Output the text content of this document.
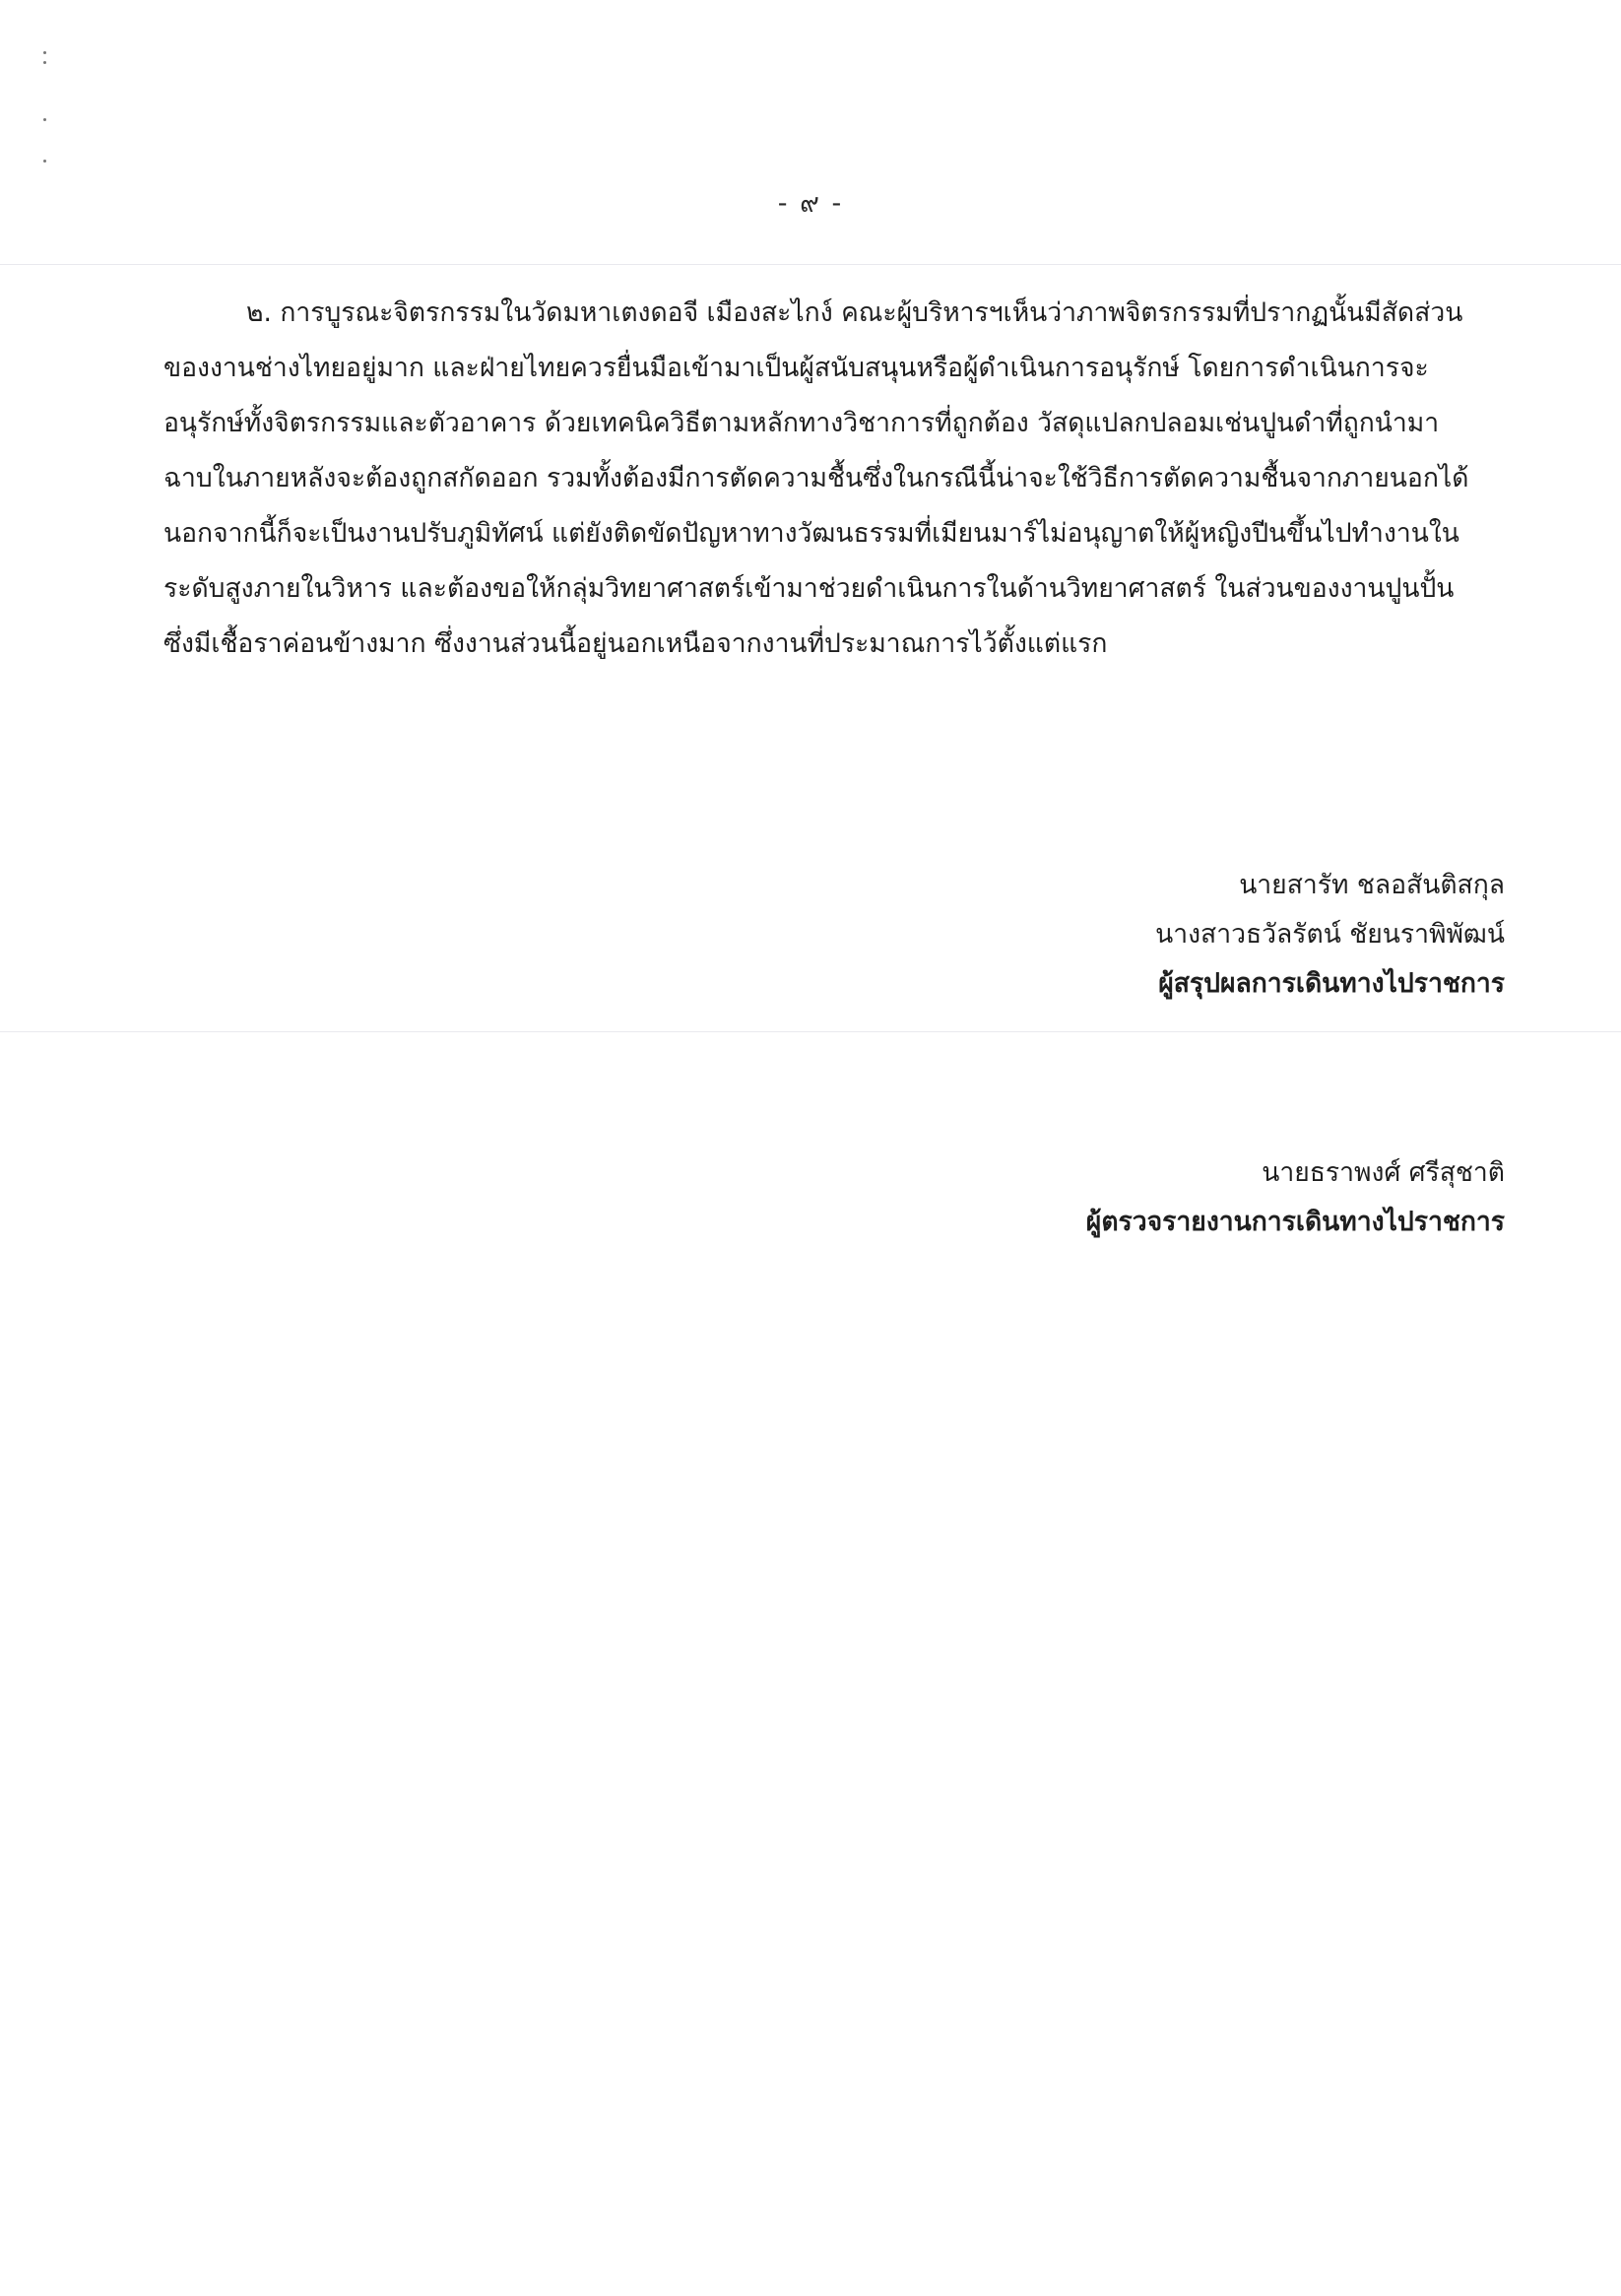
- ๙ -
๒. การบูรณะจิตรกรรมในวัดมหาเตงดอจี เมืองสะไกง์ คณะผู้บริหารฯเห็นว่าภาพจิตรกรรมที่ปรากฏนั้นมีสัดส่วน
ของงานช่างไทยอยู่มาก และฝ่ายไทยควรยื่นมือเข้ามาเป็นผู้สนับสนุนหรือผู้ดำเนินการอนุรักษ์ โดยการดำเนินการจะ
อนุรักษ์ทั้งจิตรกรรมและตัวอาคาร ด้วยเทคนิควิธีตามหลักทางวิชาการที่ถูกต้อง วัสดุแปลกปลอมเช่นปูนดำที่ถูกนำมา
ฉาบในภายหลังจะต้องถูกสกัดออก รวมทั้งต้องมีการตัดความชื้นซึ่งในกรณีนี้น่าจะใช้วิธีการตัดความชื้นจากภายนอกได้
นอกจากนี้ก็จะเป็นงานปรับภูมิทัศน์ แต่ยังติดขัดปัญหาทางวัฒนธรรมที่เมียนมาร์ไม่อนุญาตให้ผู้หญิงปีนขึ้นไปทำงานใน
ระดับสูงภายในวิหาร และต้องขอให้กลุ่มวิทยาศาสตร์เข้ามาช่วยดำเนินการในด้านวิทยาศาสตร์ ในส่วนของงานปูนปั้น
ซึ่งมีเชื้อราค่อนข้างมาก ซึ่งงานส่วนนี้อยู่นอกเหนือจากงานที่ประมาณการไว้ตั้งแต่แรก
นายสารัท ชลอสันติสกุล
นางสาวธวัลรัตน์ ชัยนราพิพัฒน์
ผู้สรุปผลการเดินทางไปราชการ
นายธราพงศ์ ศรีสุชาติ
ผู้ตรวจรายงานการเดินทางไปราชการ
